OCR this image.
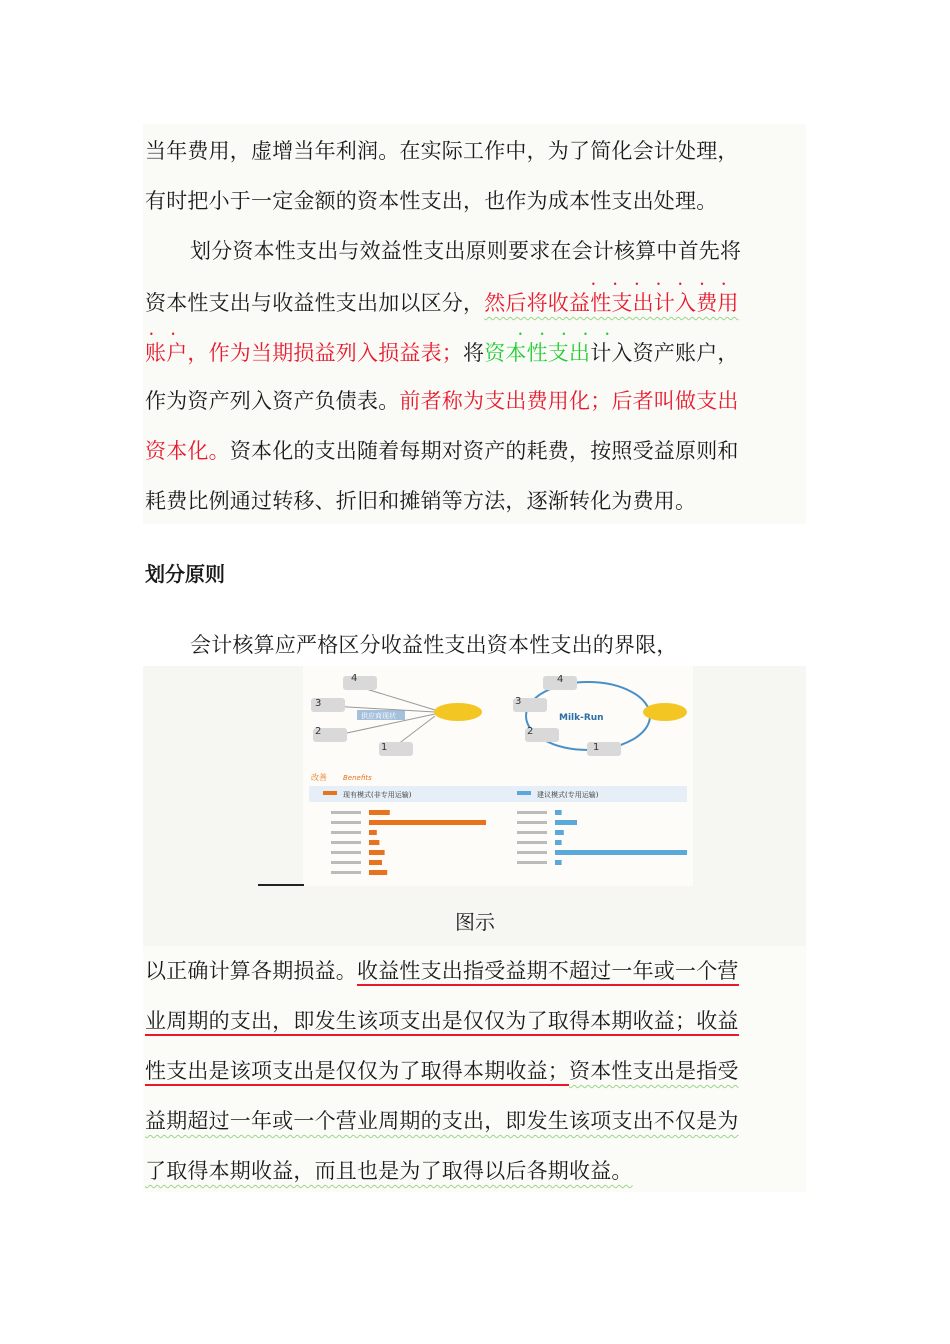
当年费用，虚增当年利润。在实际工作中，为了简化会计处理，
有时把小于一定金额的资本性支出，也作为成本性支出处理。
划分资本性支出与效益性支出原则要求在会计核算中首先将
资本性支出与收益性支出加以区分，然后将收益性支出计入费用
账户，作为当期损益列入损益表；将资本性支出计入资产账户，
作为资产列入资产负债表。前者称为支出费用化；后者叫做支出
资本化。资本化的支出随着每期对资产的耗费，按照受益原则和
耗费比例通过转移、折旧和摊销等方法，逐渐转化为费用。
•••••••
••	•••••
划分原则
会计核算应严格区分收益性支出资本性支出的界限，
4
3
2
1
供应商现状
4
3
2
1
Milk-Run
改善 Benefits
现有模式(非专用运输)	建议模式(专用运输)
图示
以正确计算各期损益。收益性支出指受益期不超过一年或一个营
业周期的支出，即发生该项支出是仅仅为了取得本期收益；收益
性支出是该项支出是仅仅为了取得本期收益；资本性支出是指受
益期超过一年或一个营业周期的支出，即发生该项支出不仅是为
了取得本期收益，而且也是为了取得以后各期收益。
